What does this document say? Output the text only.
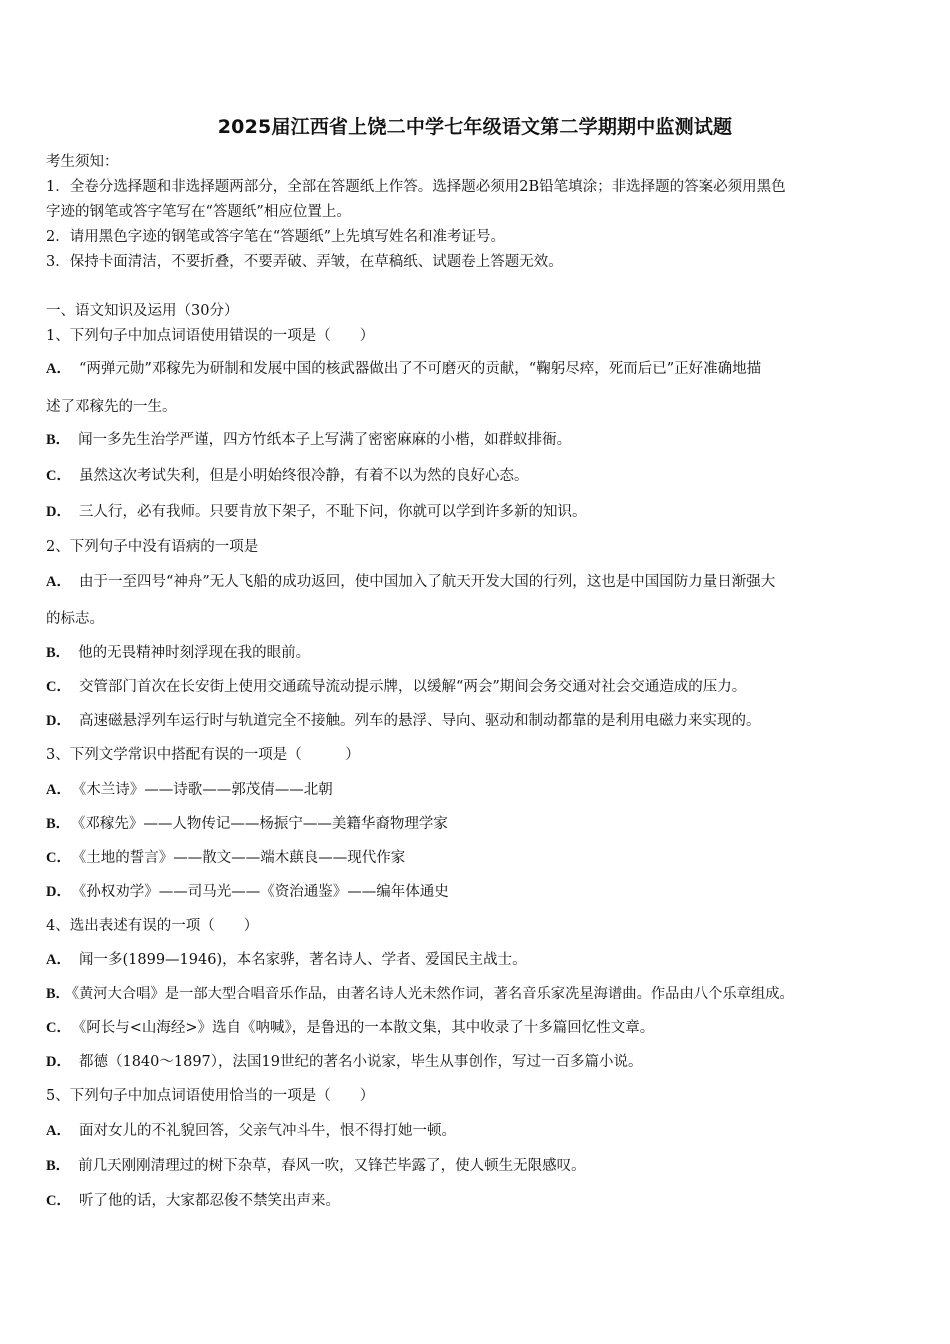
2025届江西省上饶二中学七年级语文第二学期期中监测试题
考生须知：
1．全卷分选择题和非选择题两部分，全部在答题纸上作答。选择题必须用2B铅笔填涂；非选择题的答案必须用黑色
字迹的钢笔或答字笔写在“答题纸”相应位置上。
2．请用黑色字迹的钢笔或答字笔在“答题纸”上先填写姓名和准考证号。
3．保持卡面清洁，不要折叠，不要弄破、弄皱，在草稿纸、试题卷上答题无效。
一、语文知识及运用（30分）
1、下列句子中加点词语使用错误的一项是（　　）
A． “两弹元勋”邓稼先为研制和发展中国的核武器做出了不可磨灭的贡献，“鞠躬尽瘁，死而后已”正好准确地描
述了邓稼先的一生。
B． 闻一多先生治学严谨，四方竹纸本子上写满了密密麻麻的小楷，如群蚁排衙。
C． 虽然这次考试失利，但是小明始终很冷静，有着不以为然的良好心态。
D． 三人行，必有我师。只要肯放下架子，不耻下问，你就可以学到许多新的知识。
2、下列句子中没有语病的一项是
A． 由于一至四号“神舟”无人飞船的成功返回，使中国加入了航天开发大国的行列，这也是中国国防力量日渐强大
的标志。
B． 他的无畏精神时刻浮现在我的眼前。
C． 交管部门首次在长安街上使用交通疏导流动提示牌，以缓解“两会”期间会务交通对社会交通造成的压力。
D． 高速磁悬浮列车运行时与轨道完全不接触。列车的悬浮、导向、驱动和制动都靠的是利用电磁力来实现的。
3、下列文学常识中搭配有误的一项是（　　　）
A． 《木兰诗》——诗歌——郭茂倩——北朝
B． 《邓稼先》——人物传记——杨振宁——美籍华裔物理学家
C． 《土地的誓言》——散文——端木蕻良——现代作家
D． 《孙权劝学》——司马光——《资治通鉴》——编年体通史
4、选出表述有误的一项（　　）
A． 闻一多(1899—1946)，本名家骅，著名诗人、学者、爱国民主战士。
B． 《黄河大合唱》是一部大型合唱音乐作品，由著名诗人光未然作词，著名音乐家冼星海谱曲。作品由八个乐章组成。
C． 《阿长与<山海经>》选自《呐喊》，是鲁迅的一本散文集，其中收录了十多篇回忆性文章。
D． 都德（1840～1897），法国19世纪的著名小说家，毕生从事创作，写过一百多篇小说。
5、下列句子中加点词语使用恰当的一项是（　　）
A． 面对女儿的不礼貌回答，父亲气冲斗牛，恨不得打她一顿。
B． 前几天刚刚清理过的树下杂草，春风一吹，又锋芒毕露了，使人顿生无限感叹。
C． 听了他的话，大家都忍俊不禁笑出声来。
